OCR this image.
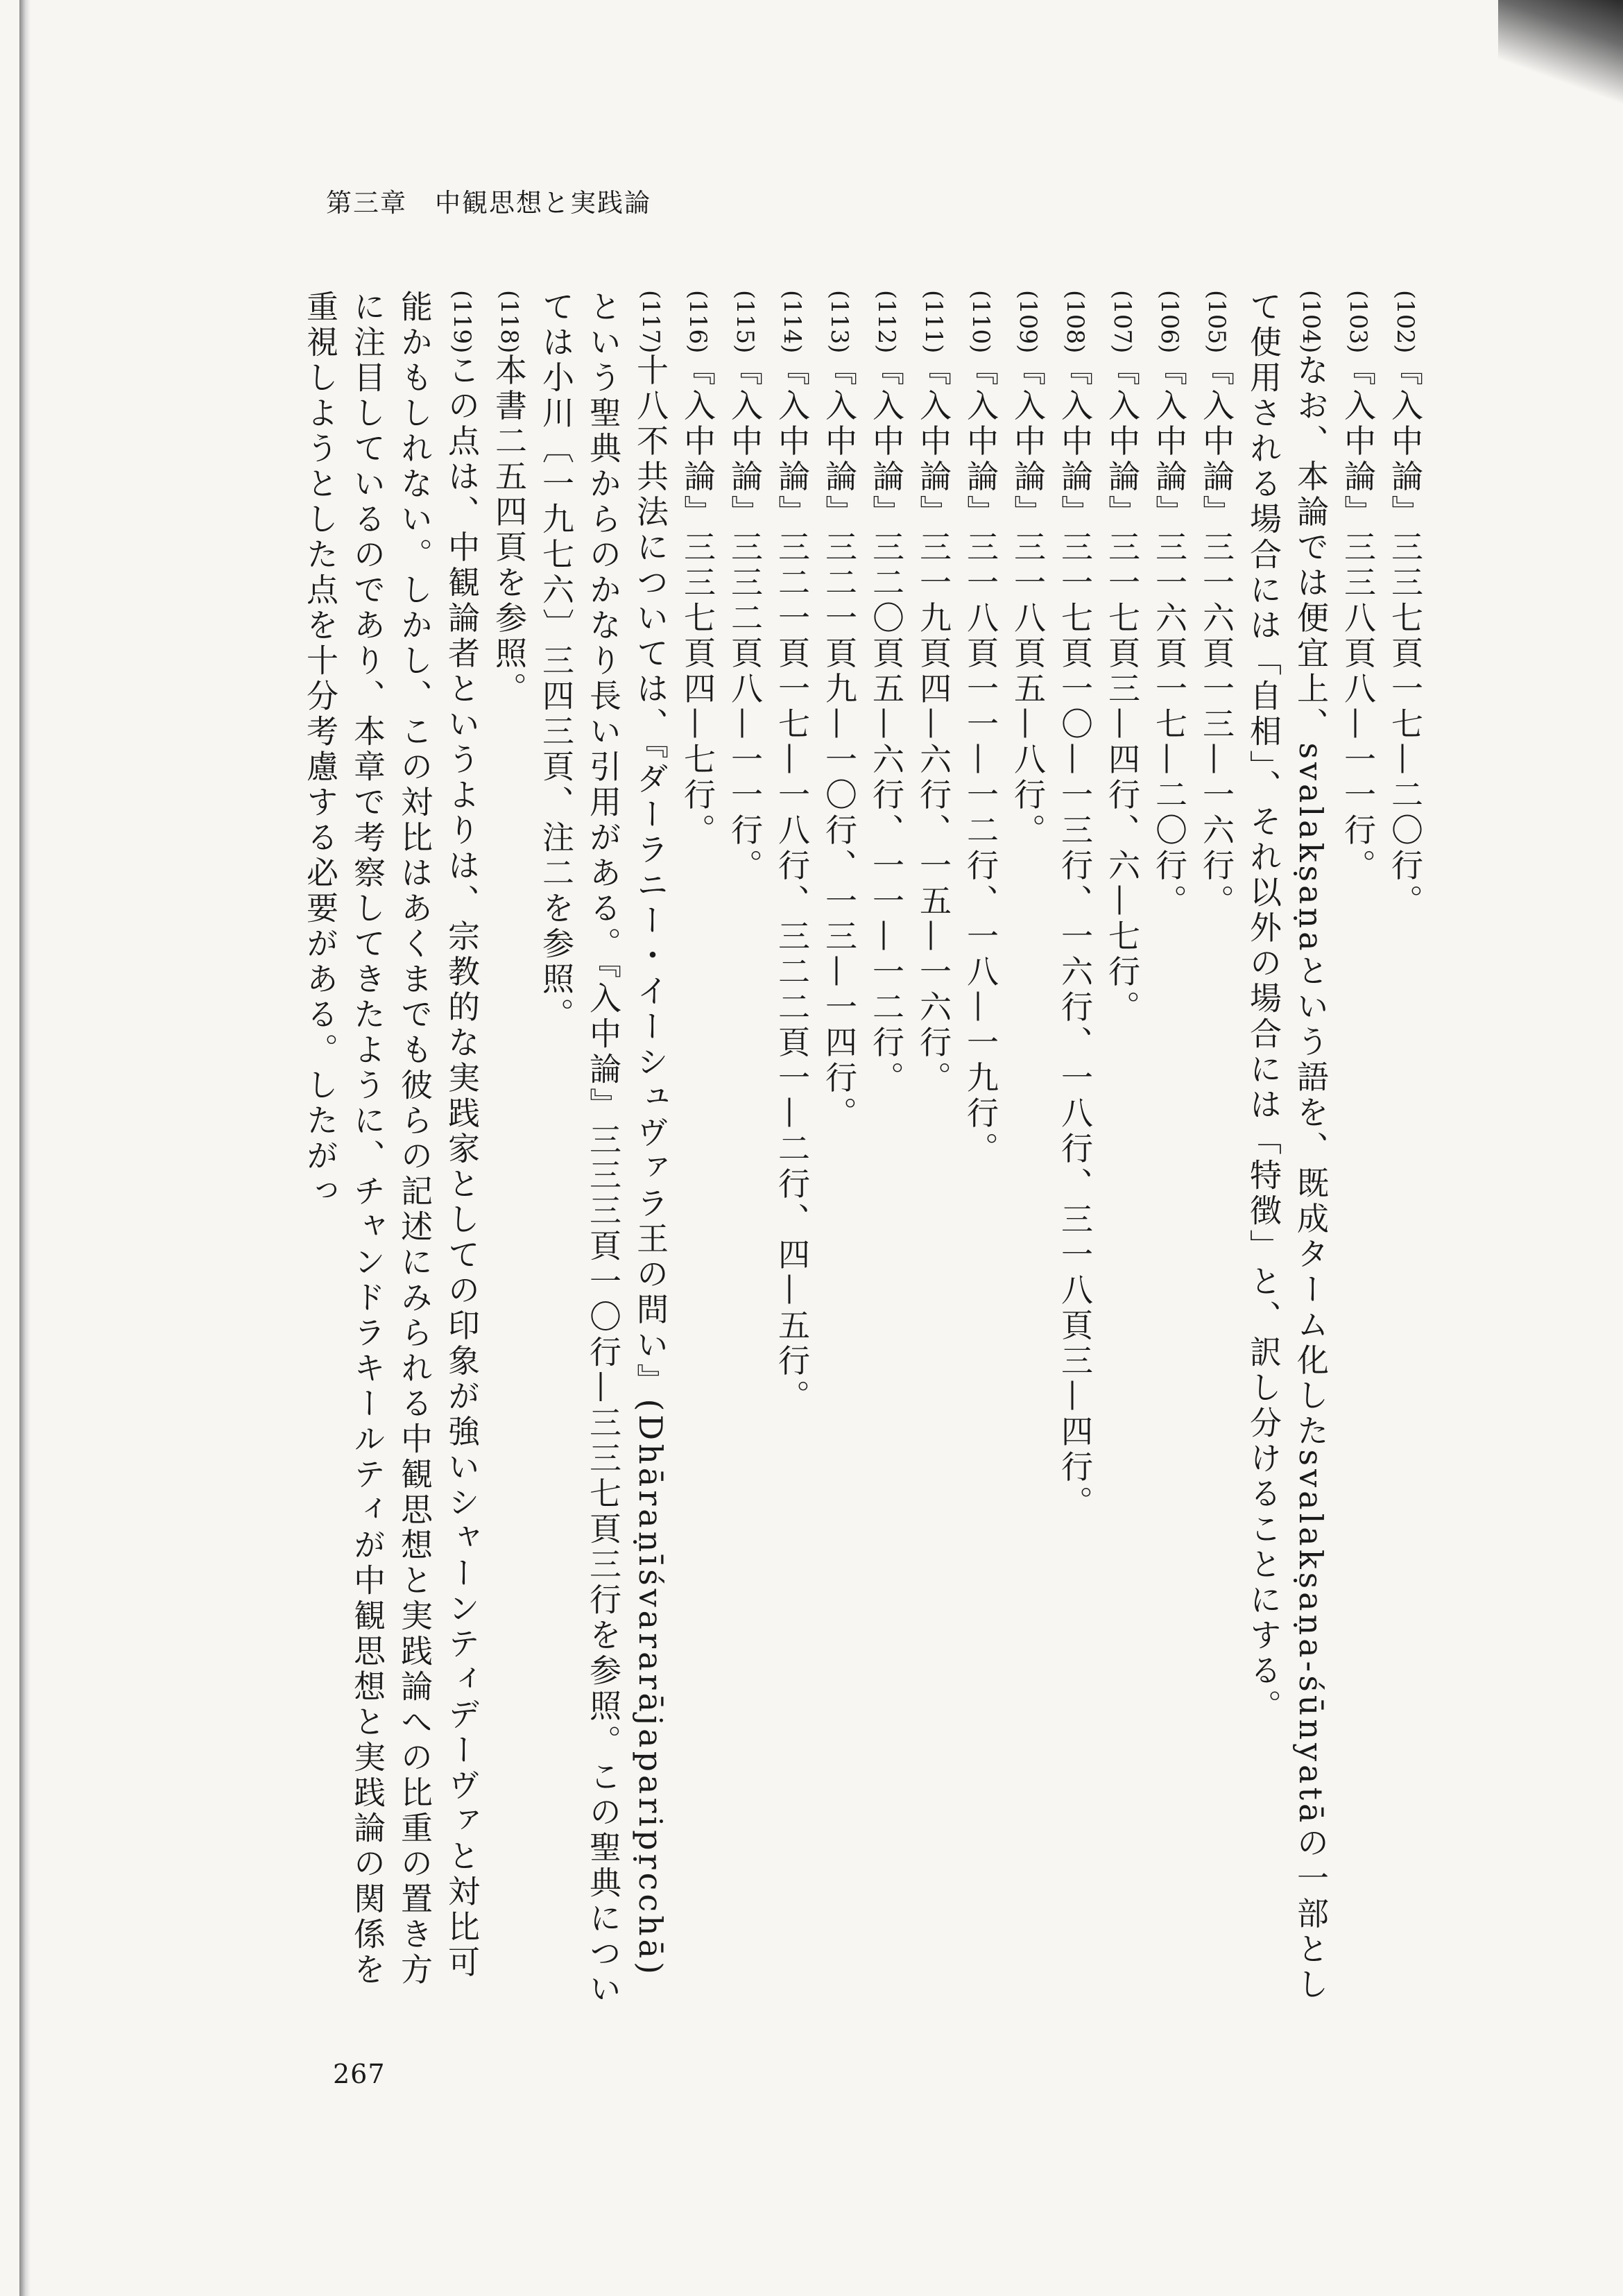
第三章 中観思想と実践論

(102)『入中論』三三七頁一七—二〇行。

(103)『入中論』三三八頁八—一一行。

(104)なお、本論では便宜上、svalakṣaṇaという語を、既成ターム化したsvalakṣaṇa-śūnyatāの一部として使用される場合には「自相」、それ以外の場合には「特徴」と、訳し分けることにする。

(105)『入中論』三一六頁一三—一六行。

(106)『入中論』三一六頁一七—二〇行。

(107)『入中論』三一七頁三—四行、六—七行。

(108)『入中論』三一七頁一〇—一三行、一六行、一八行、三一八頁三—四行。

(109)『入中論』三一八頁五—八行。

(110)『入中論』三一八頁一一—一二行、一八—一九行。

(111)『入中論』三一九頁四—六行、一五—一六行。

(112)『入中論』三二〇頁五—六行、一一—一二行。

(113)『入中論』三二一頁九—一〇行、一三—一四行。

(114)『入中論』三二一頁一七—一八行、三二二頁一—二行、四—五行。

(115)『入中論』三三二頁八—一一行。

(116)『入中論』三三七頁四—七行。

(117)十八不共法については、『ダーラニー・イーシュヴァラ王の問い』(Dhāraṇīśvararājaparipṛcchā)という聖典からのかなり長い引用がある。『入中論』三三三頁一〇行—三三七頁三行を参照。この聖典については小川〔一九七六〕三四三頁、注二を参照。

(118)本書二五四頁を参照。

(119)この点は、中観論者というよりは、宗教的な実践家としての印象が強いシャーンティデーヴァと対比可能かもしれない。しかし、この対比はあくまでも彼らの記述にみられる中観思想と実践論への比重の置き方に注目しているのであり、本章で考察してきたように、チャンドラキールティが中観思想と実践論の関係を重視しようとした点を十分考慮する必要がある。したがっ

267
